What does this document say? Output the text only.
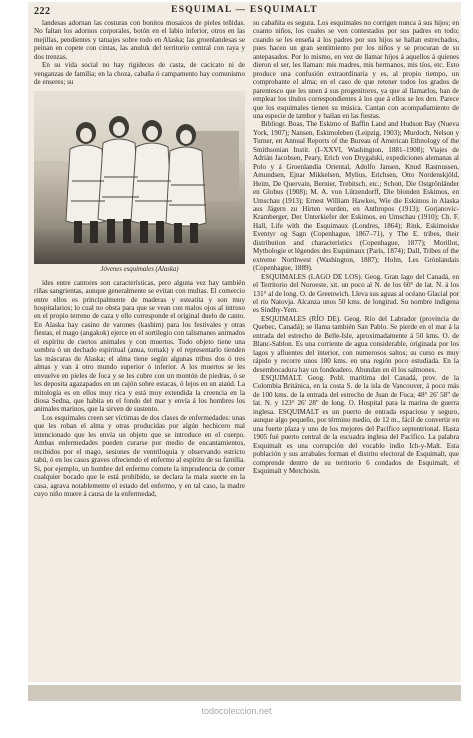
222	ESQUIMAL — ESQUIMALT

landesas adornan las costuras con bonitos mosaicos de pieles teñidas. No faltan los adornos corporales, botón en el labio inferior, otros en las mejillas, pendientes y tatuajes sobre todo en Alaska; las groenlandesas se peinan en copete con cintas, las anuluk del territorio central con raya y dos trenzas.

En su vida social no hay rigideces de casta, de cacicato ni de venganzas de familia; en la choza, cabaña ó campamento hay comunismo de enseres; su

Jóvenes esquimales (Alaska)

ídes entre cantores son características, pero alguna vez hay también riñas sangrientas, aunque generalmente se evitan con multas. El comercio entre ellos es principalmente de maderas y esteatita y son muy hospitalarios; lo cual no obsta para que se vean con malos ojos al intruso en el propio terreno de caza y ello corresponde el original duelo de canto. En Alaska hay casino de varones (kashim) para los festivales y otras fiestas, el mago (angakok) ejerce en el sortilegio con talismanes animados el espíritu de ciertos animales y con muertos. Todo objeto tiene una sombra ó un dechado espiritual (anua, tornak) y el representarlo tienden las máscaras de Alaska; el alma tiene según algunas tribus dos ó tres almas y van á otro mundo superior ó inferior. A los muertos se les envuelve en pieles de foca y se les cubre con un montón de piedras, ó se les deposita agazapados en un cajón sobre estacas, ó lejos en un ataúd. La mitología es en ellos muy rica y está muy extendida la creencia en la diosa Sedna, que habita en el fondo del mar y envía á los hombres los animales marinos, que la sirven de sustento.

Los esquimales creen ser víctimas de dos clases de enfermedades: unas que les roban el alma y otras producidas por algún hechicero mal intencionado que les envía un objeto que se introduce en el cuerpo. Ambas enfermedades pueden curarse por medio de encantamientos, recibidos por el mago, sesiones de ventriloquía y observando estricto tabú, ó en los casos graves ofreciendo el enfermo al espíritu de su familia. Si, por ejemplo, un hombre del enfermo comete la imprudencia de comer cualquier bocado que le está prohibido, se declara la mala suerte en la casa, agrava notablemente el estado del enfermo, y en tal caso, la madre cuyo niño muere á causa de la enfermedad,

su cabañita es segura. Los esquimales no corrigen nunca á sus hijos; en cuanto niños, los cuales se ven contestados por sus padres en todo; cuando se les enseña á los padres por sus hijos se hallan estrechados, pues hacen un gran sentimiento por los niños y se procuran de su antepasados. Por lo mismo, en vez de llamar hijos á aquellos á quienes dieron el ser, les llaman: mis madres, mis hermanos, mis tíos, etc. Esto produce una confusión extraordinaria y es, al propio tiempo, un comprobante el alma; en el caso de que retener todos los grados de parentesco que les unen á sus progenitores, ya que al llamarlos, han de emplear los títulos correspondientes á los que á ellos se les den. Parece que los esquimales tienen su música. Cantan con acompañamiento de una especie de tambor y bailan en las fiestas.

Bibliogr. Boas, The Eskimo of Baffin Land and Hudson Bay (Nueva York, 1907); Nansen, Eskimoleben (Leipzig, 1903); Murdoch, Nelson y Turner, en Annual Reports of the Bureau of American Ethnology of the Smithsonian Instit. (I–XXVI, Washington, 1881–1908); Viajes de Adrián Jacobsen, Peary, Erich von Drygalski, expediciones alemanas al Polo y á Groenlandia Oriental, Adolfo Jansen, Knud Rasmussen, Amundsen, Ejnar Mikkelsen, Mylius, Erichsen, Otto Nordenskjöld, Heim, De Quervain, Bernier, Trebitsch, etc.; Schott, Die Ostgrönländer en Globus (1908); M. A. von Lützendorff, Die blonden Eskimos, en Umschau (1913); Ernest William Hawkes, Wie die Eskimos in Alaska aus Jägern zu Hirten wurden, en Anthropos (1913); Gorjanovic-Kramberger, Der Unterkiefer der Eskimos, en Umschau (1910); Ch. F. Hall, Life with the Esquimaux (Londres, 1864); Rink, Eskimoiske Eventyr og Sagn (Copenhague, 1867–71), y The E. tribes, their distribution and characteristics (Copenhague, 1877); Morillot, Mythologie et légendes des Esquimaux (París, 1874); Dall, Tribes of the extreme Northwest (Washington, 1887); Holm, Les Grönlandais (Copenhague, 1889).

ESQUIMALES (LAGO DE LOS). Geog. Gran lago del Canadá, en el Territorio del Noroeste, sit. un poco al N. de los 60° de lat. N. á los 131° al de long. O. de Greenwich. Lleva sus aguas al océano Glacial por el río Natovja. Alcanza unos 50 kms. de longitud. Su nombre indígena es Sindhy-Yem.

ESQUIMALES (RÍO DE). Geog. Río del Labrador (provincia de Quebec, Canadá); se llama también San Pablo. Se pierde en el mar á la entrada del estrecho de Belle-Isle, aproximadamente á 50 kms. O. de Blanc-Sablon. Es una corriente de agua considerable, originada por los lagos y afluentes del interior, con numerosos saltos; su curso es muy rápido y recorre unos 180 kms. en una región poco estudiada. En la desembocadura hay un fondeadero. Abundan en él los salmones.

ESQUIMALT. Geog. Pobl. marítima del Canadá, prov. de la Colombia Británica, en la costa S. de la isla de Vancouver, á poco más de 100 kms. de la entrada del estrecho de Juan de Fuca; 48° 26' 58" de lat. N. y 123° 26' 28" de long. O. Hospital para la marina de guerra inglesa. ESQUIMALT es un puerto de entrada espacioso y seguro, aunque algo pequeño, por término medio, de 12 m., fácil de convertir en una fuerte plaza y uno de los mejores del Pacífico septentrional. Hasta 1905 fué puerto central de la escuadra inglesa del Pacífico. La palabra Esquimalt es una corrupción del vocablo indio Ich-y-Malt. Esta población y sus arrabales forman el distrito electoral de Esquimalt, que comprende dentro de su territorio 6 condados de Esquimalt, el Esquimalt y Metchosin.

todocoleccion.net
